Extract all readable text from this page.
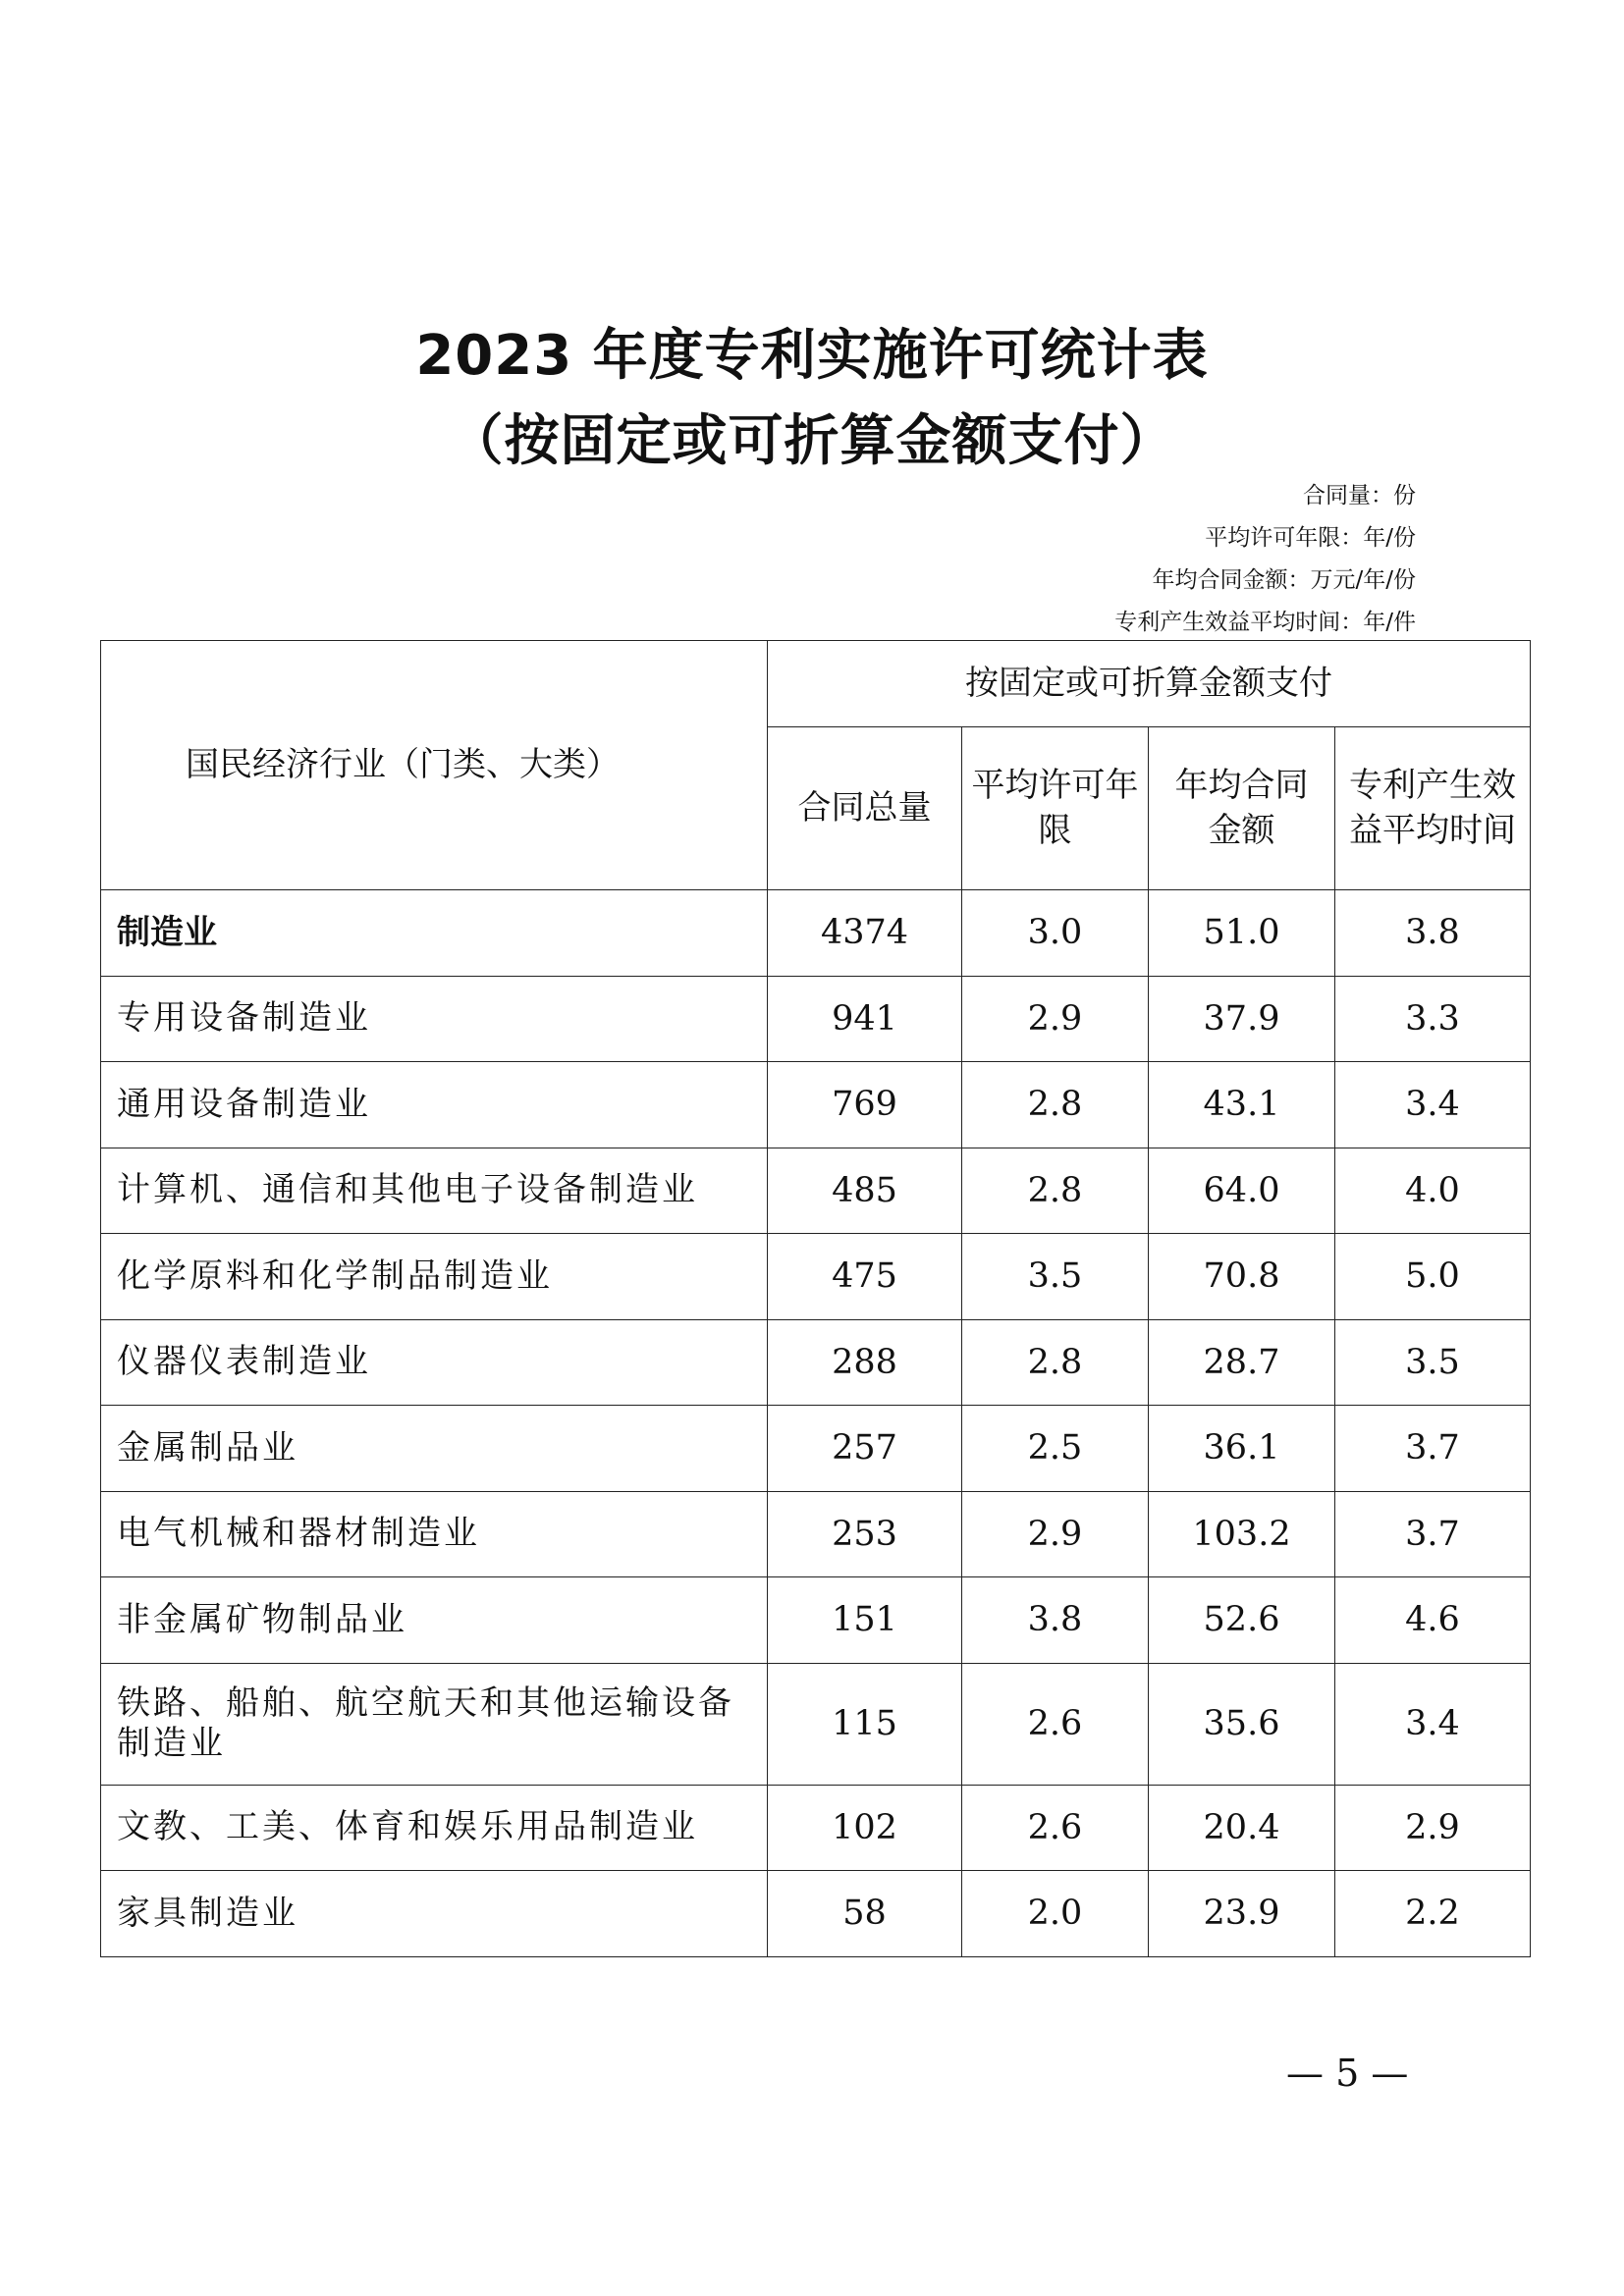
2023 年度专利实施许可统计表
（按固定或可折算金额支付）
合同量：份
平均许可年限：年/份
年均合同金额：万元/年/份
专利产生效益平均时间：年/件
国民经济行业（门类、大类）	按固定或可折算金额支付			

	合同总量	平均许可年限	年均合同金额	专利产生效益平均时间

制造业	4374	3.0	51.0	3.8
专用设备制造业	941	2.9	37.9	3.3
通用设备制造业	769	2.8	43.1	3.4
计算机、通信和其他电子设备制造业	485	2.8	64.0	4.0
化学原料和化学制品制造业	475	3.5	70.8	5.0
仪器仪表制造业	288	2.8	28.7	3.5
金属制品业	257	2.5	36.1	3.7
电气机械和器材制造业	253	2.9	103.2	3.7
非金属矿物制品业	151	3.8	52.6	4.6
铁路、船舶、航空航天和其他运输设备制造业	115	2.6	35.6	3.4
文教、工美、体育和娱乐用品制造业	102	2.6	20.4	2.9
家具制造业	58	2.0	23.9	2.2
— 5 —
